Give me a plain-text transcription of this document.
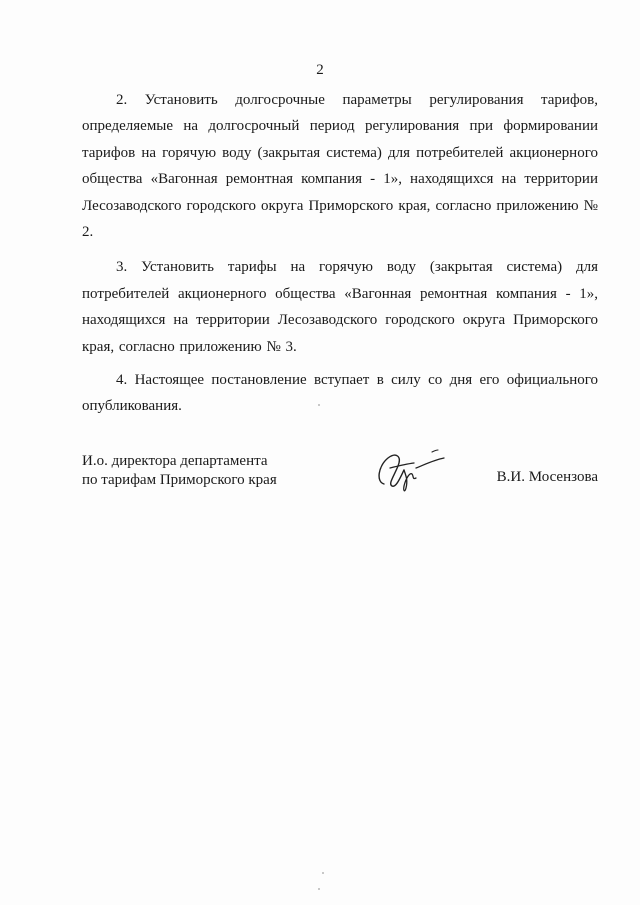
2

2. Установить долгосрочные параметры регулирования тарифов, определяемые на долгосрочный период регулирования при формировании тарифов на горячую воду (закрытая система) для потребителей акционерного общества «Вагонная ремонтная компания - 1», находящихся на территории Лесозаводского городского округа Приморского края, согласно приложению № 2.

3. Установить тарифы на горячую воду (закрытая система) для потребителей акционерного общества «Вагонная ремонтная компания - 1», находящихся на территории Лесозаводского городского округа Приморского края, согласно приложению № 3.

4. Настоящее постановление вступает в силу со дня его официального опубликования.

И.о. директора департамента
по тарифам Приморского края	В.И. Мосензова
